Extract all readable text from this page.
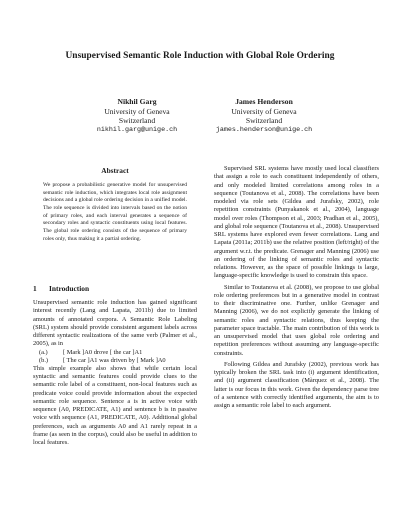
Unsupervised Semantic Role Induction with Global Role Ordering
Nikhil Garg
University of Geneva
Switzerland
nikhil.garg@unige.ch
James Henderson
University of Geneva
Switzerland
james.henderson@unige.ch
Abstract

We propose a probabilistic generative model for unsupervised semantic role induction, which integrates local role assignment decisions and a global role ordering decision in a unified model. The role sequence is divided into intervals based on the notion of primary roles, and each interval generates a sequence of secondary roles and syntactic constituents using local features. The global role ordering consists of the sequence of primary roles only, thus making it a partial ordering.

1 Introduction

Unsupervised semantic role induction has gained significant interest recently (Lang and Lapata, 2011b) due to limited amounts of annotated corpora. A Semantic Role Labeling (SRL) system should provide consistent argument labels across different syntactic realizations of the same verb (Palmer et al., 2005), as in

(a.)	[ Mark ]A0 drove [ the car ]A1
(b.)	[ The car ]A1 was driven by [ Mark ]A0

This simple example also shows that while certain local syntactic and semantic features could provide clues to the semantic role label of a constituent, non-local features such as predicate voice could provide information about the expected semantic role sequence. Sentence a is in active voice with sequence (A0, PREDICATE, A1) and sentence b is in passive voice with sequence (A1, PREDICATE, A0). Additional global preferences, such as arguments A0 and A1 rarely repeat in a frame (as seen in the corpus), could also be useful in addition to local features.

Supervised SRL systems have mostly used local classifiers that assign a role to each constituent independently of others, and only modeled limited correlations among roles in a sequence (Toutanova et al., 2008). The correlations have been modeled via role sets (Gildea and Jurafsky, 2002), role repetition constraints (Punyakanok et al., 2004), language model over roles (Thompson et al., 2003; Pradhan et al., 2005), and global role sequence (Toutanova et al., 2008). Unsupervised SRL systems have explored even fewer correlations. Lang and Lapata (2011a; 2011b) use the relative position (left/right) of the argument w.r.t. the predicate. Grenager and Manning (2006) use an ordering of the linking of semantic roles and syntactic relations. However, as the space of possible linkings is large, language-specific knowledge is used to constrain this space.

Similar to Toutanova et al. (2008), we propose to use global role ordering preferences but in a generative model in contrast to their discriminative one. Further, unlike Grenager and Manning (2006), we do not explicitly generate the linking of semantic roles and syntactic relations, thus keeping the parameter space tractable. The main contribution of this work is an unsupervised model that uses global role ordering and repetition preferences without assuming any language-specific constraints.

Following Gildea and Jurafsky (2002), previous work has typically broken the SRL task into (i) argument identification, and (ii) argument classification (Màrquez et al., 2008). The latter is our focus in this work. Given the dependency parse tree of a sentence with correctly identified arguments, the aim is to assign a semantic role label to each argument.
